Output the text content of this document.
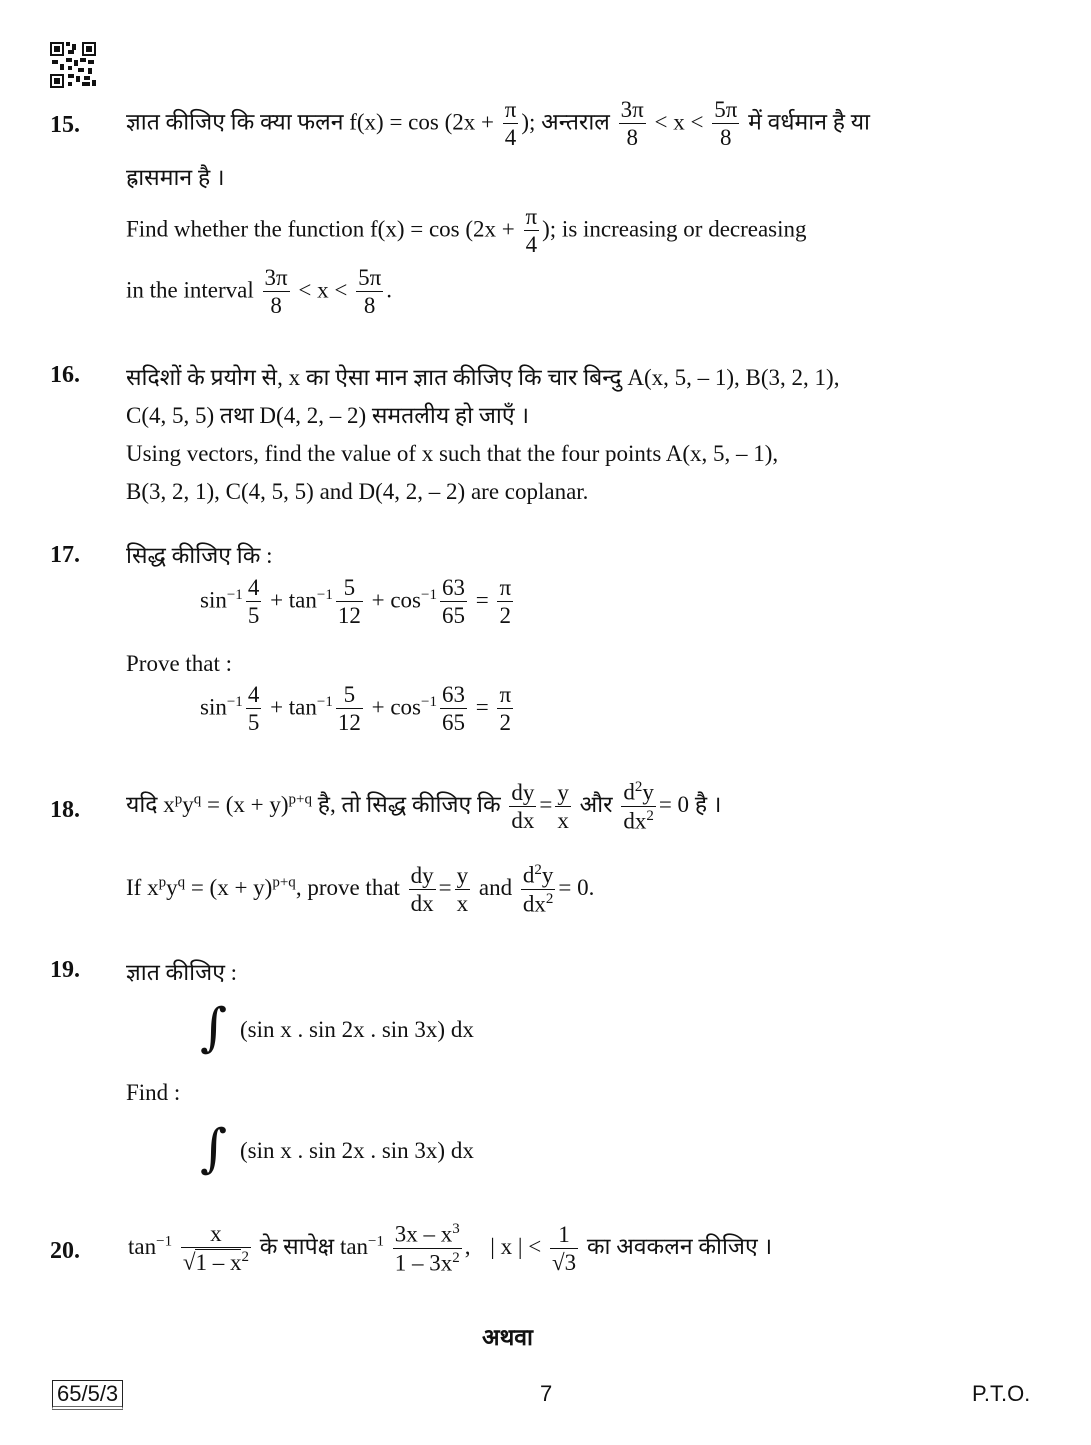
15. ज्ञात कीजिए कि क्या फलन $f(x) = \cos (2x + \frac{\pi}{4}$ ); अन्तराल $\frac{3\pi}{8} < x < \frac{5\pi}{8}$ में वर्धमान है या
ह्रासमान है ।
Find whether the function $f(x) = \cos (2x + \frac{\pi}{4}$ ); is increasing or decreasing
in the interval $\frac{3\pi}{8} < x < \frac{5\pi}{8}$ .
16. सदिशों के प्रयोग से, x का ऐसा मान ज्ञात कीजिए कि चार बिन्दु A(x, 5, – 1), B(3, 2, 1),
C(4, 5, 5) तथा D(4, 2, – 2) समतलीय हो जाएँ ।
Using vectors, find the value of x such that the four points A(x, 5, – 1),
B(3, 2, 1), C(4, 5, 5) and D(4, 2, – 2) are coplanar.
17. सिद्ध कीजिए कि :
$\sin^{-1} \frac{4}{5} + \tan^{-1} \frac{5}{12} + \cos^{-1} \frac{63}{65} = \frac{\pi}{2}$
Prove that :
$\sin^{-1} \frac{4}{5} + \tan^{-1} \frac{5}{12} + \cos^{-1} \frac{63}{65} = \frac{\pi}{2}$
18. यदि $x^py^q = (x + y)^{p+q}$ है, तो सिद्ध कीजिए कि $\frac{dy}{dx} = \frac{y}{x}$ और $\frac{d^2y}{dx^2} = 0$ है ।
If $x^py^q = (x + y)^{p+q}$, prove that $\frac{dy}{dx} = \frac{y}{x}$ and $\frac{d^2y}{dx^2} = 0$.
19. ज्ञात कीजिए :
∫ (sin x . sin 2x . sin 3x) dx
Find :
∫ (sin x . sin 2x . sin 3x) dx
20. $\tan^{-1} \frac{x}{√1 - x^2}$ के सापेक्ष $\tan^{-1} \frac{3x - x^3}{1 - 3x^2}$ , | x | < $\frac{1}{√3}$ का अवकलन कीजिए ।
अथवा
65/5/3	7	P.T.O.
